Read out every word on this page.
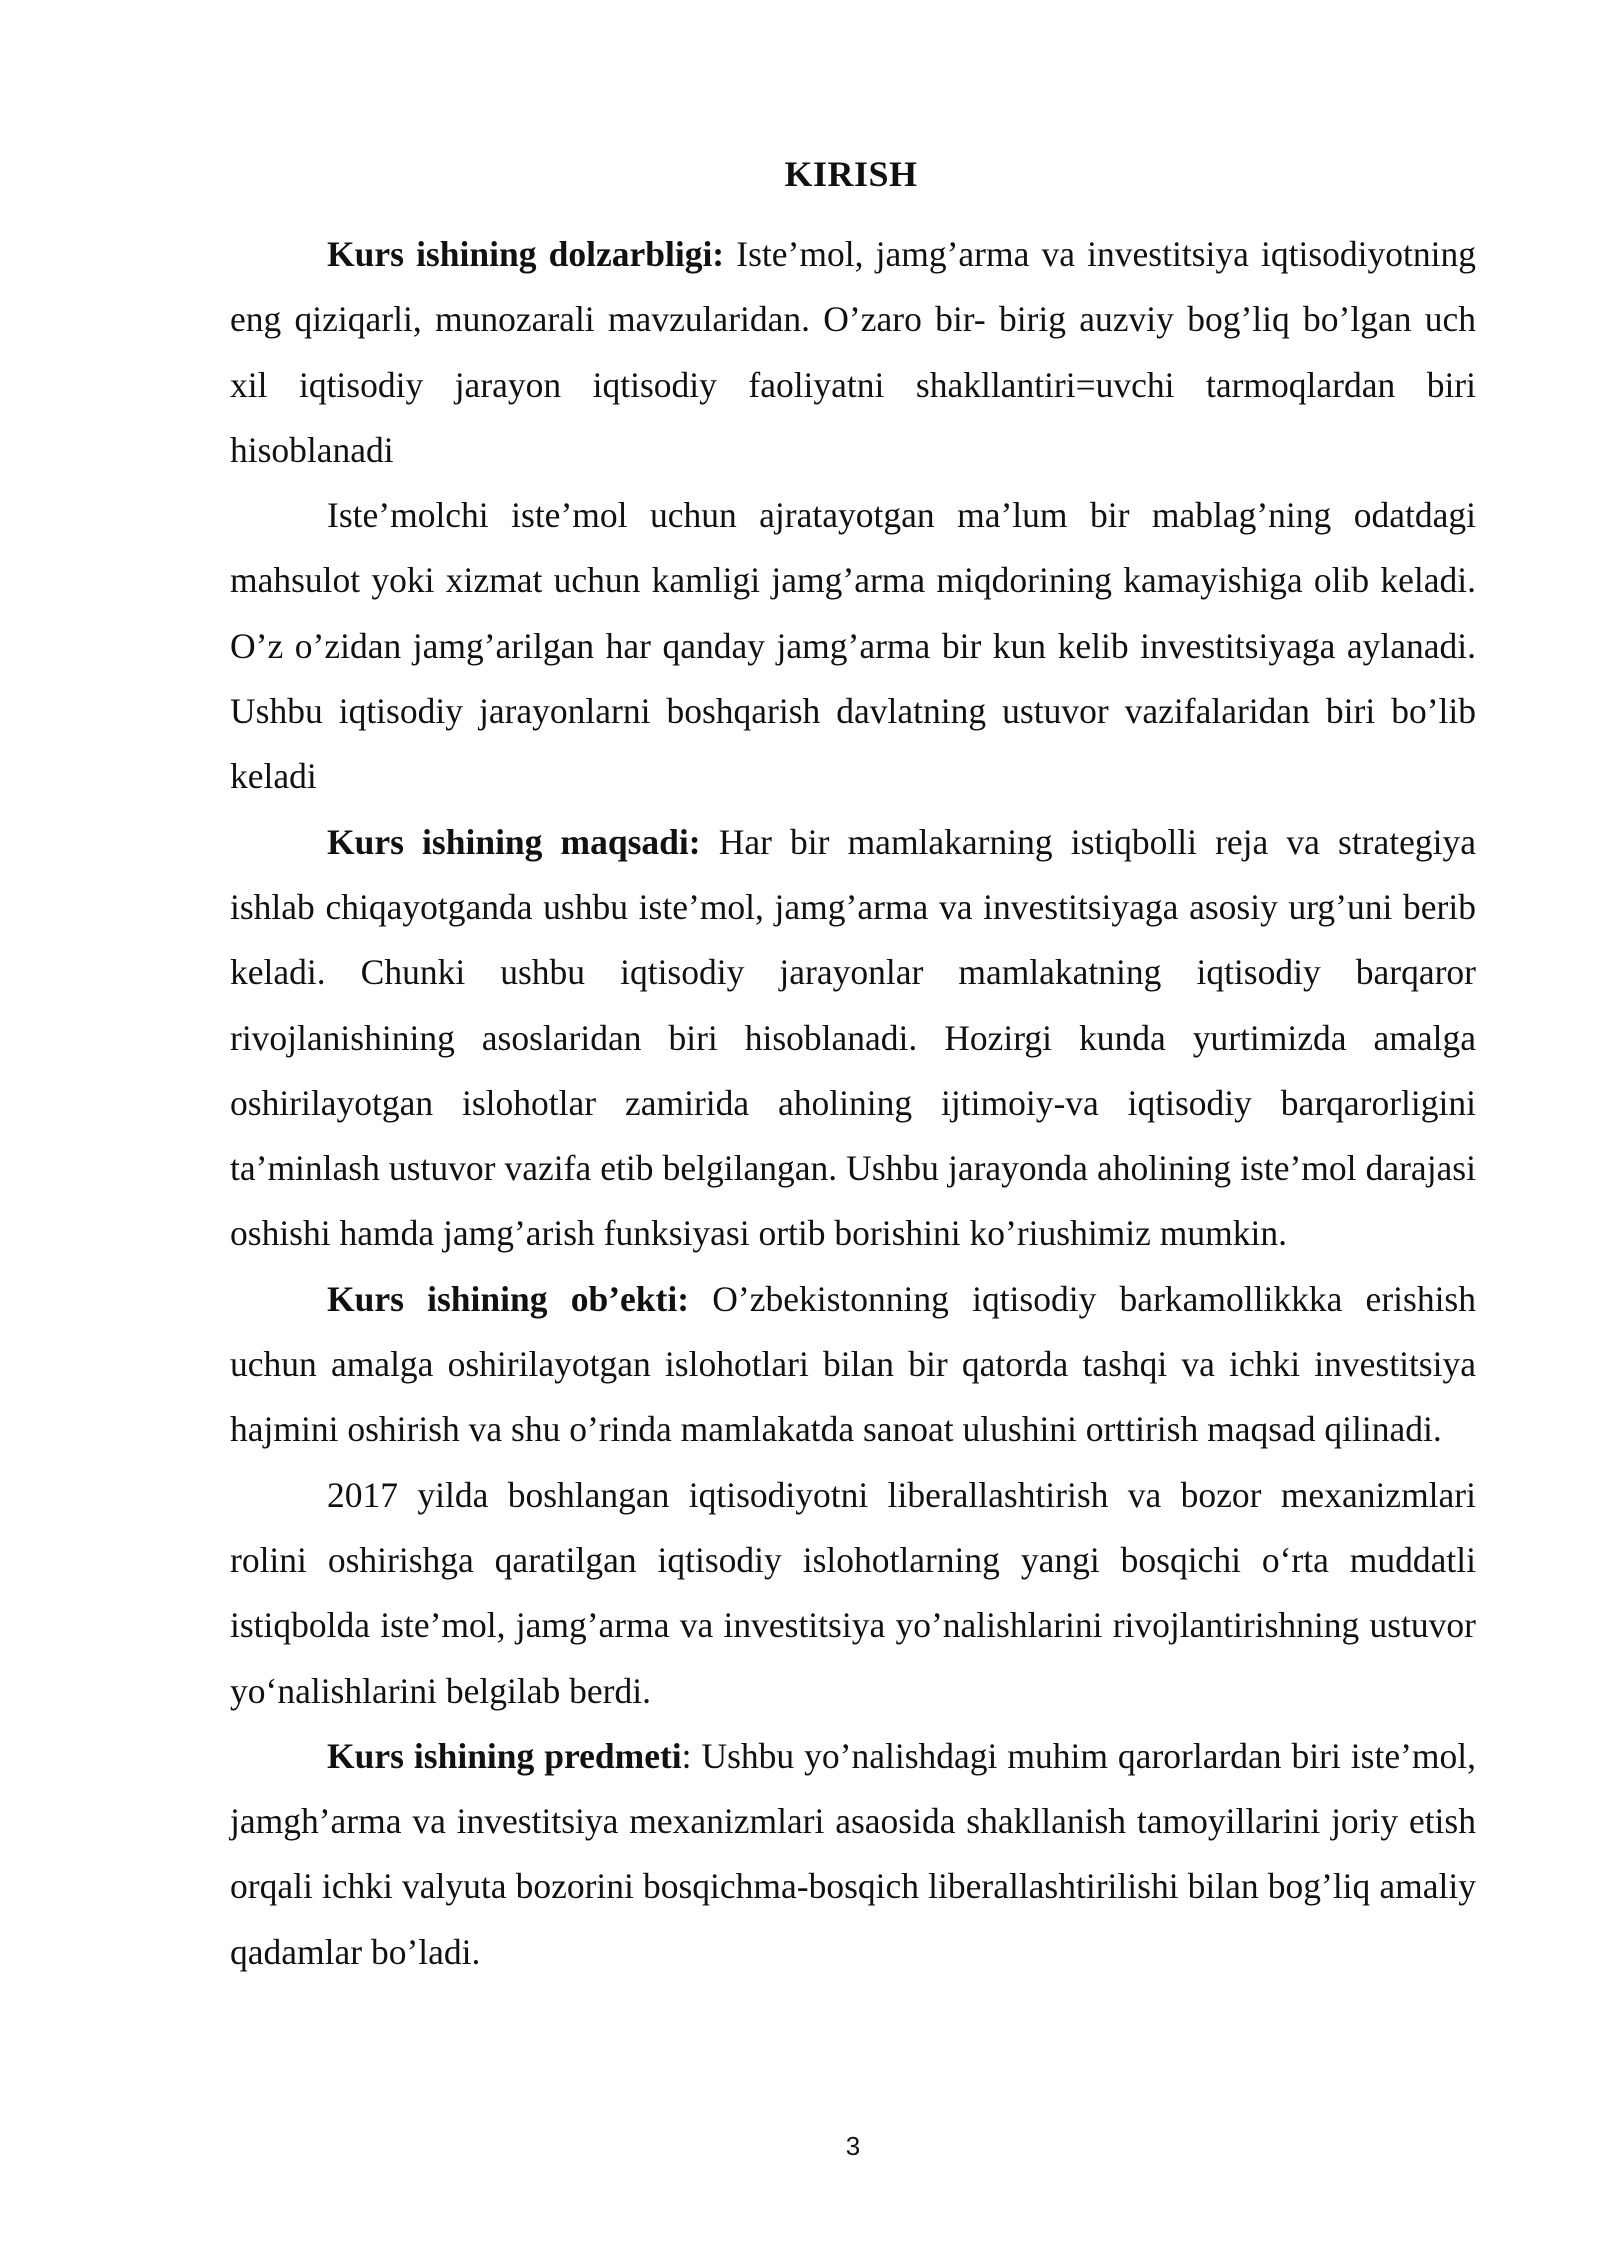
KIRISH

Kurs ishining dolzarbligi: Iste’mol, jamg’arma va investitsiya iqtisodiyotning eng qiziqarli, munozarali mavzularidan. O’zaro bir- birig auzviy bog’liq bo’lgan uch xil iqtisodiy jarayon iqtisodiy faoliyatni shakllantiri=uvchi tarmoqlardan biri hisoblanadi

Iste’molchi iste’mol uchun ajratayotgan ma’lum bir mablag’ning odatdagi mahsulot yoki xizmat uchun kamligi jamg’arma miqdorining kamayishiga olib keladi. O’z o’zidan jamg’arilgan har qanday jamg’arma bir kun kelib investitsiyaga aylanadi. Ushbu iqtisodiy jarayonlarni boshqarish davlatning ustuvor vazifalaridan biri bo’lib keladi

Kurs ishining maqsadi: Har bir mamlakarning istiqbolli reja va strategiya ishlab chiqayotganda ushbu iste’mol, jamg’arma va investitsiyaga asosiy urg’uni berib keladi. Chunki ushbu iqtisodiy jarayonlar mamlakatning iqtisodiy barqaror rivojlanishining asoslaridan biri hisoblanadi. Hozirgi kunda yurtimizda amalga oshirilayotgan islohotlar zamirida aholining ijtimoiy-va iqtisodiy barqarorligini ta’minlash ustuvor vazifa etib belgilangan. Ushbu jarayonda aholining iste’mol darajasi oshishi hamda jamg’arish funksiyasi ortib borishini ko’riushimiz mumkin.

Kurs ishining ob’ekti: O’zbekistonning iqtisodiy barkamollikkka erishish uchun amalga oshirilayotgan islohotlari bilan bir qatorda tashqi va ichki investitsiya hajmini oshirish va shu o’rinda mamlakatda sanoat ulushini orttirish maqsad qilinadi.

2017 yilda boshlangan iqtisodiyotni liberallashtirish va bozor mexanizmlari rolini oshirishga qaratilgan iqtisodiy islohotlarning yangi bosqichi o‘rta muddatli istiqbolda iste’mol, jamg’arma va investitsiya yo’nalishlarini rivojlantirishning ustuvor yo‘nalishlarini belgilab berdi.

Kurs ishining predmeti: Ushbu yo’nalishdagi muhim qarorlardan biri iste’mol, jamgh’arma va investitsiya mexanizmlari asaosida shakllanish tamoyillarini joriy etish orqali ichki valyuta bozorini bosqichma-bosqich liberallashtirilishi bilan bog’liq amaliy qadamlar bo’ladi.

3
